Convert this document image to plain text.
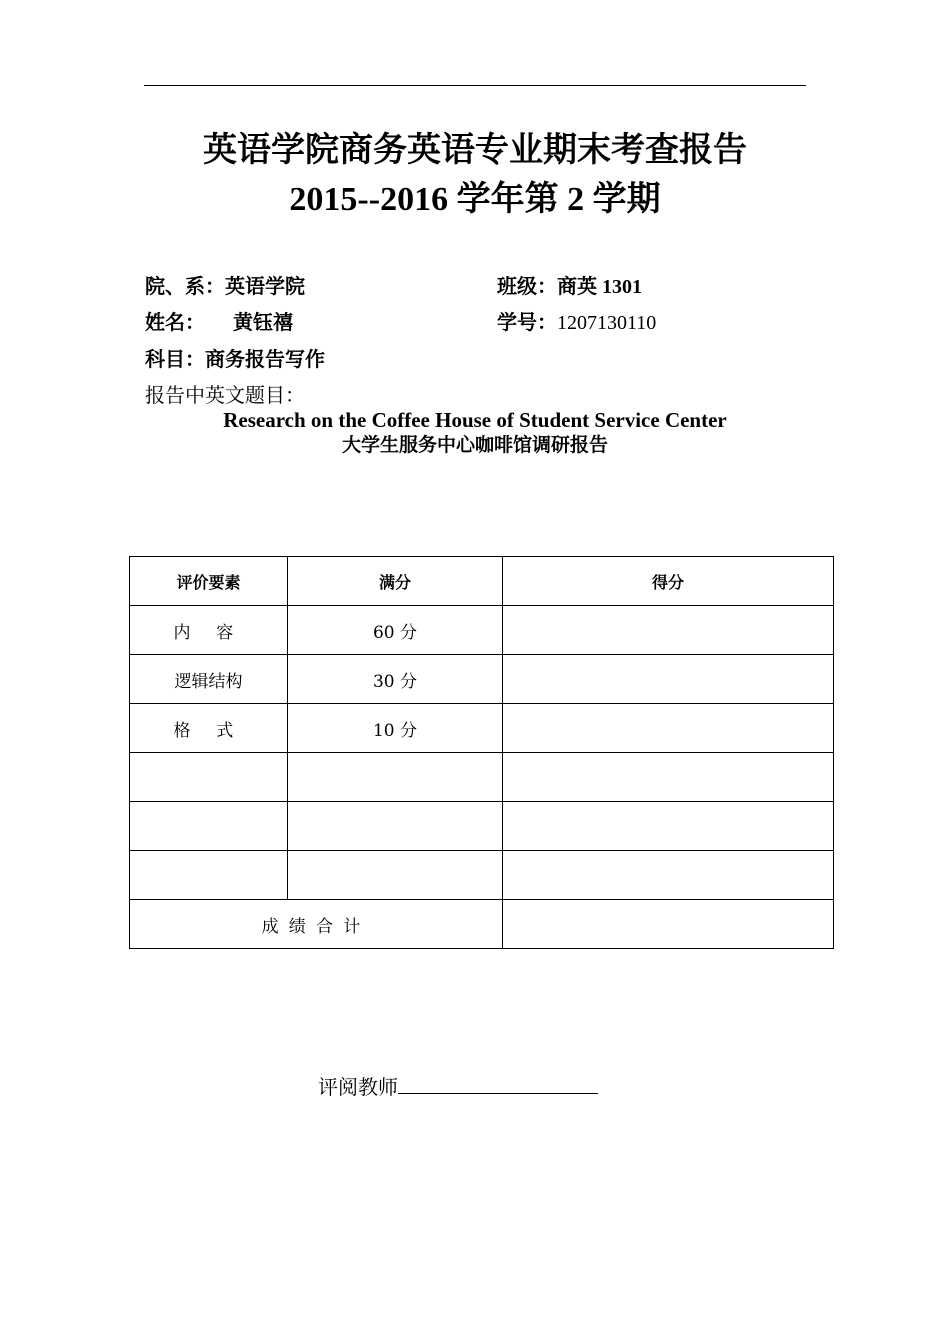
英语学院商务英语专业期末考查报告
2015--2016 学年第 2 学期
院、系：英语学院	班级：商英 1301
姓名： 黄钰禧	学号：1207130110
科目：商务报告写作
报告中英文题目：
Research on the Coffee House of Student Service Center
大学生服务中心咖啡馆调研报告
评价要素	满分	得分
内 容	60 分	
逻辑结构	30 分	
格 式	10 分	

成绩合计		
评阅教师
